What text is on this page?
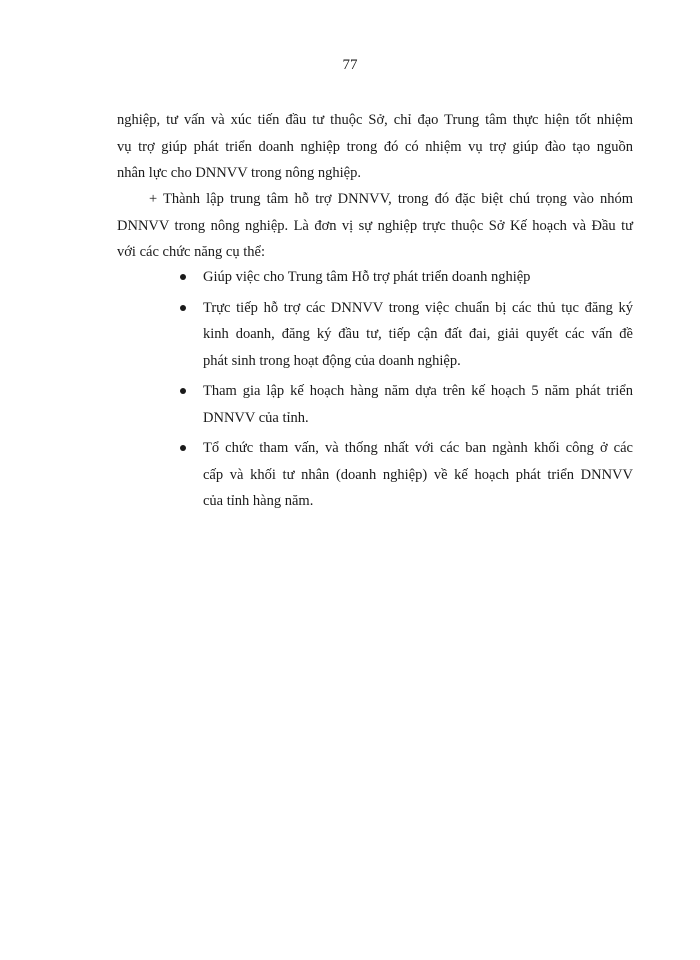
77
nghiệp, tư vấn và xúc tiến đầu tư thuộc Sở, chỉ đạo Trung tâm thực hiện tốt nhiệm
vụ trợ giúp phát triển doanh nghiệp trong đó có nhiệm vụ trợ giúp đào tạo nguồn
nhân lực cho DNNVV trong nông nghiệp.
+ Thành lập trung tâm hỗ trợ DNNVV, trong đó đặc biệt chú trọng vào nhóm
DNNVV trong nông nghiệp. Là đơn vị sự nghiệp trực thuộc Sở Kế hoạch và Đầu tư
với các chức năng cụ thể:
Giúp việc cho Trung tâm Hỗ trợ phát triển doanh nghiệp
Trực tiếp hỗ trợ các DNNVV trong việc chuẩn bị các thủ tục đăng ký
kinh doanh, đăng ký đầu tư, tiếp cận đất đai, giải quyết các vấn đề
phát sinh trong hoạt động của doanh nghiệp.
Tham gia lập kế hoạch hàng năm dựa trên kế hoạch 5 năm phát triển
DNNVV của tỉnh.
Tổ chức tham vấn, và thống nhất với các ban ngành khối công ở các
cấp và khối tư nhân (doanh nghiệp) về kế hoạch phát triển DNNVV
của tỉnh hàng năm.
